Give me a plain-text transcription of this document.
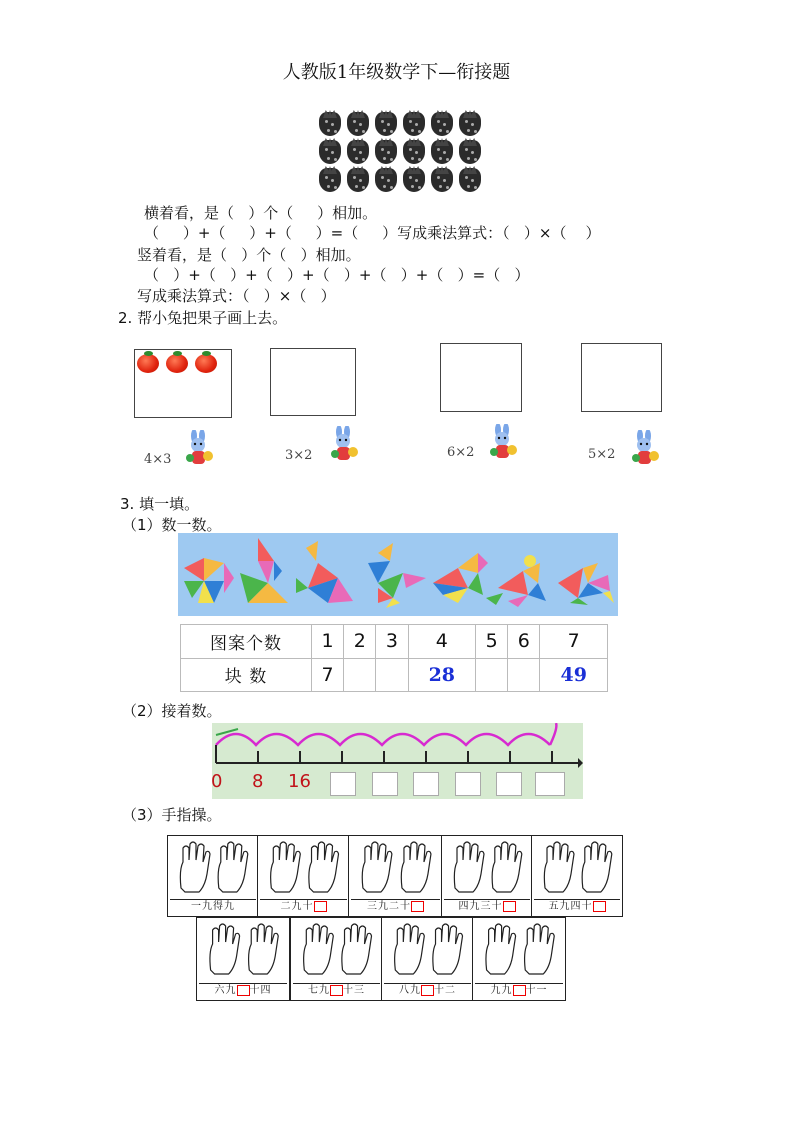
人教版1年级数学下—衔接题
横着看，是（   ）个（     ）相加。
（     ）+（     ）+（     ）=（     ）写成乘法算式：（   ）×（    ）
竖着看，是（   ）个（   ）相加。
（   ）+（   ）+（   ）+（   ）+（   ）+（   ）=（   ）
写成乘法算式：（   ）×（   ）
2. 帮小兔把果子画上去。
4×3	3×2	6×2	5×2
3. 填一填。
（1）数一数。
图案个数	1	2	3	4	5	6	7
块 数	7			28			49
（2）接着数。
0 8 16
（3）手指操。
一九得九	二九十	三九二十	四九三十	五九四十
六九 十四	七九 十三	八九 十二	九九 十一
